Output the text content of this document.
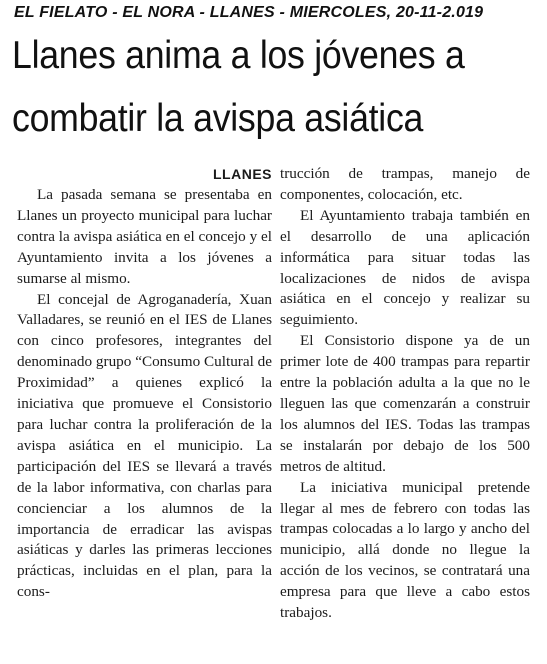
EL FIELATO - EL NORA - LLANES - MIERCOLES, 20-11-2.019
Llanes anima a los jóvenes a
combatir la avispa asiática
LLANES

La pasada semana se presentaba en Llanes un proyecto municipal para luchar contra la avispa asiática en el concejo y el Ayuntamiento invita a los jóvenes a sumarse al mismo.

El concejal de Agroganadería, Xuan Valladares, se reunió en el IES de Llanes con cinco profesores, integrantes del denominado grupo “Consumo Cultural de Proximidad” a quienes explicó la iniciativa que promueve el Consistorio para luchar contra la proliferación de la avispa asiática en el municipio. La participación del IES se llevará a través de la labor informativa, con charlas para concienciar a los alumnos de la importancia de erradicar las avispas asiáticas y darles las primeras lecciones prácticas, incluidas en el plan, para la cons-

trucción de trampas, manejo de componentes, colocación, etc.

El Ayuntamiento trabaja también en el desarrollo de una aplicación informática para situar todas las localizaciones de nidos de avispa asiática en el concejo y realizar su seguimiento.

El Consistorio dispone ya de un primer lote de 400 trampas para repartir entre la población adulta a la que no le lleguen las que comenzarán a construir los alumnos del IES. Todas las trampas se instalarán por debajo de los 500 metros de altitud.

La iniciativa municipal pretende llegar al mes de febrero con todas las trampas colocadas a lo largo y ancho del municipio, allá donde no llegue la acción de los vecinos, se contratará una empresa para que lleve a cabo estos trabajos.
